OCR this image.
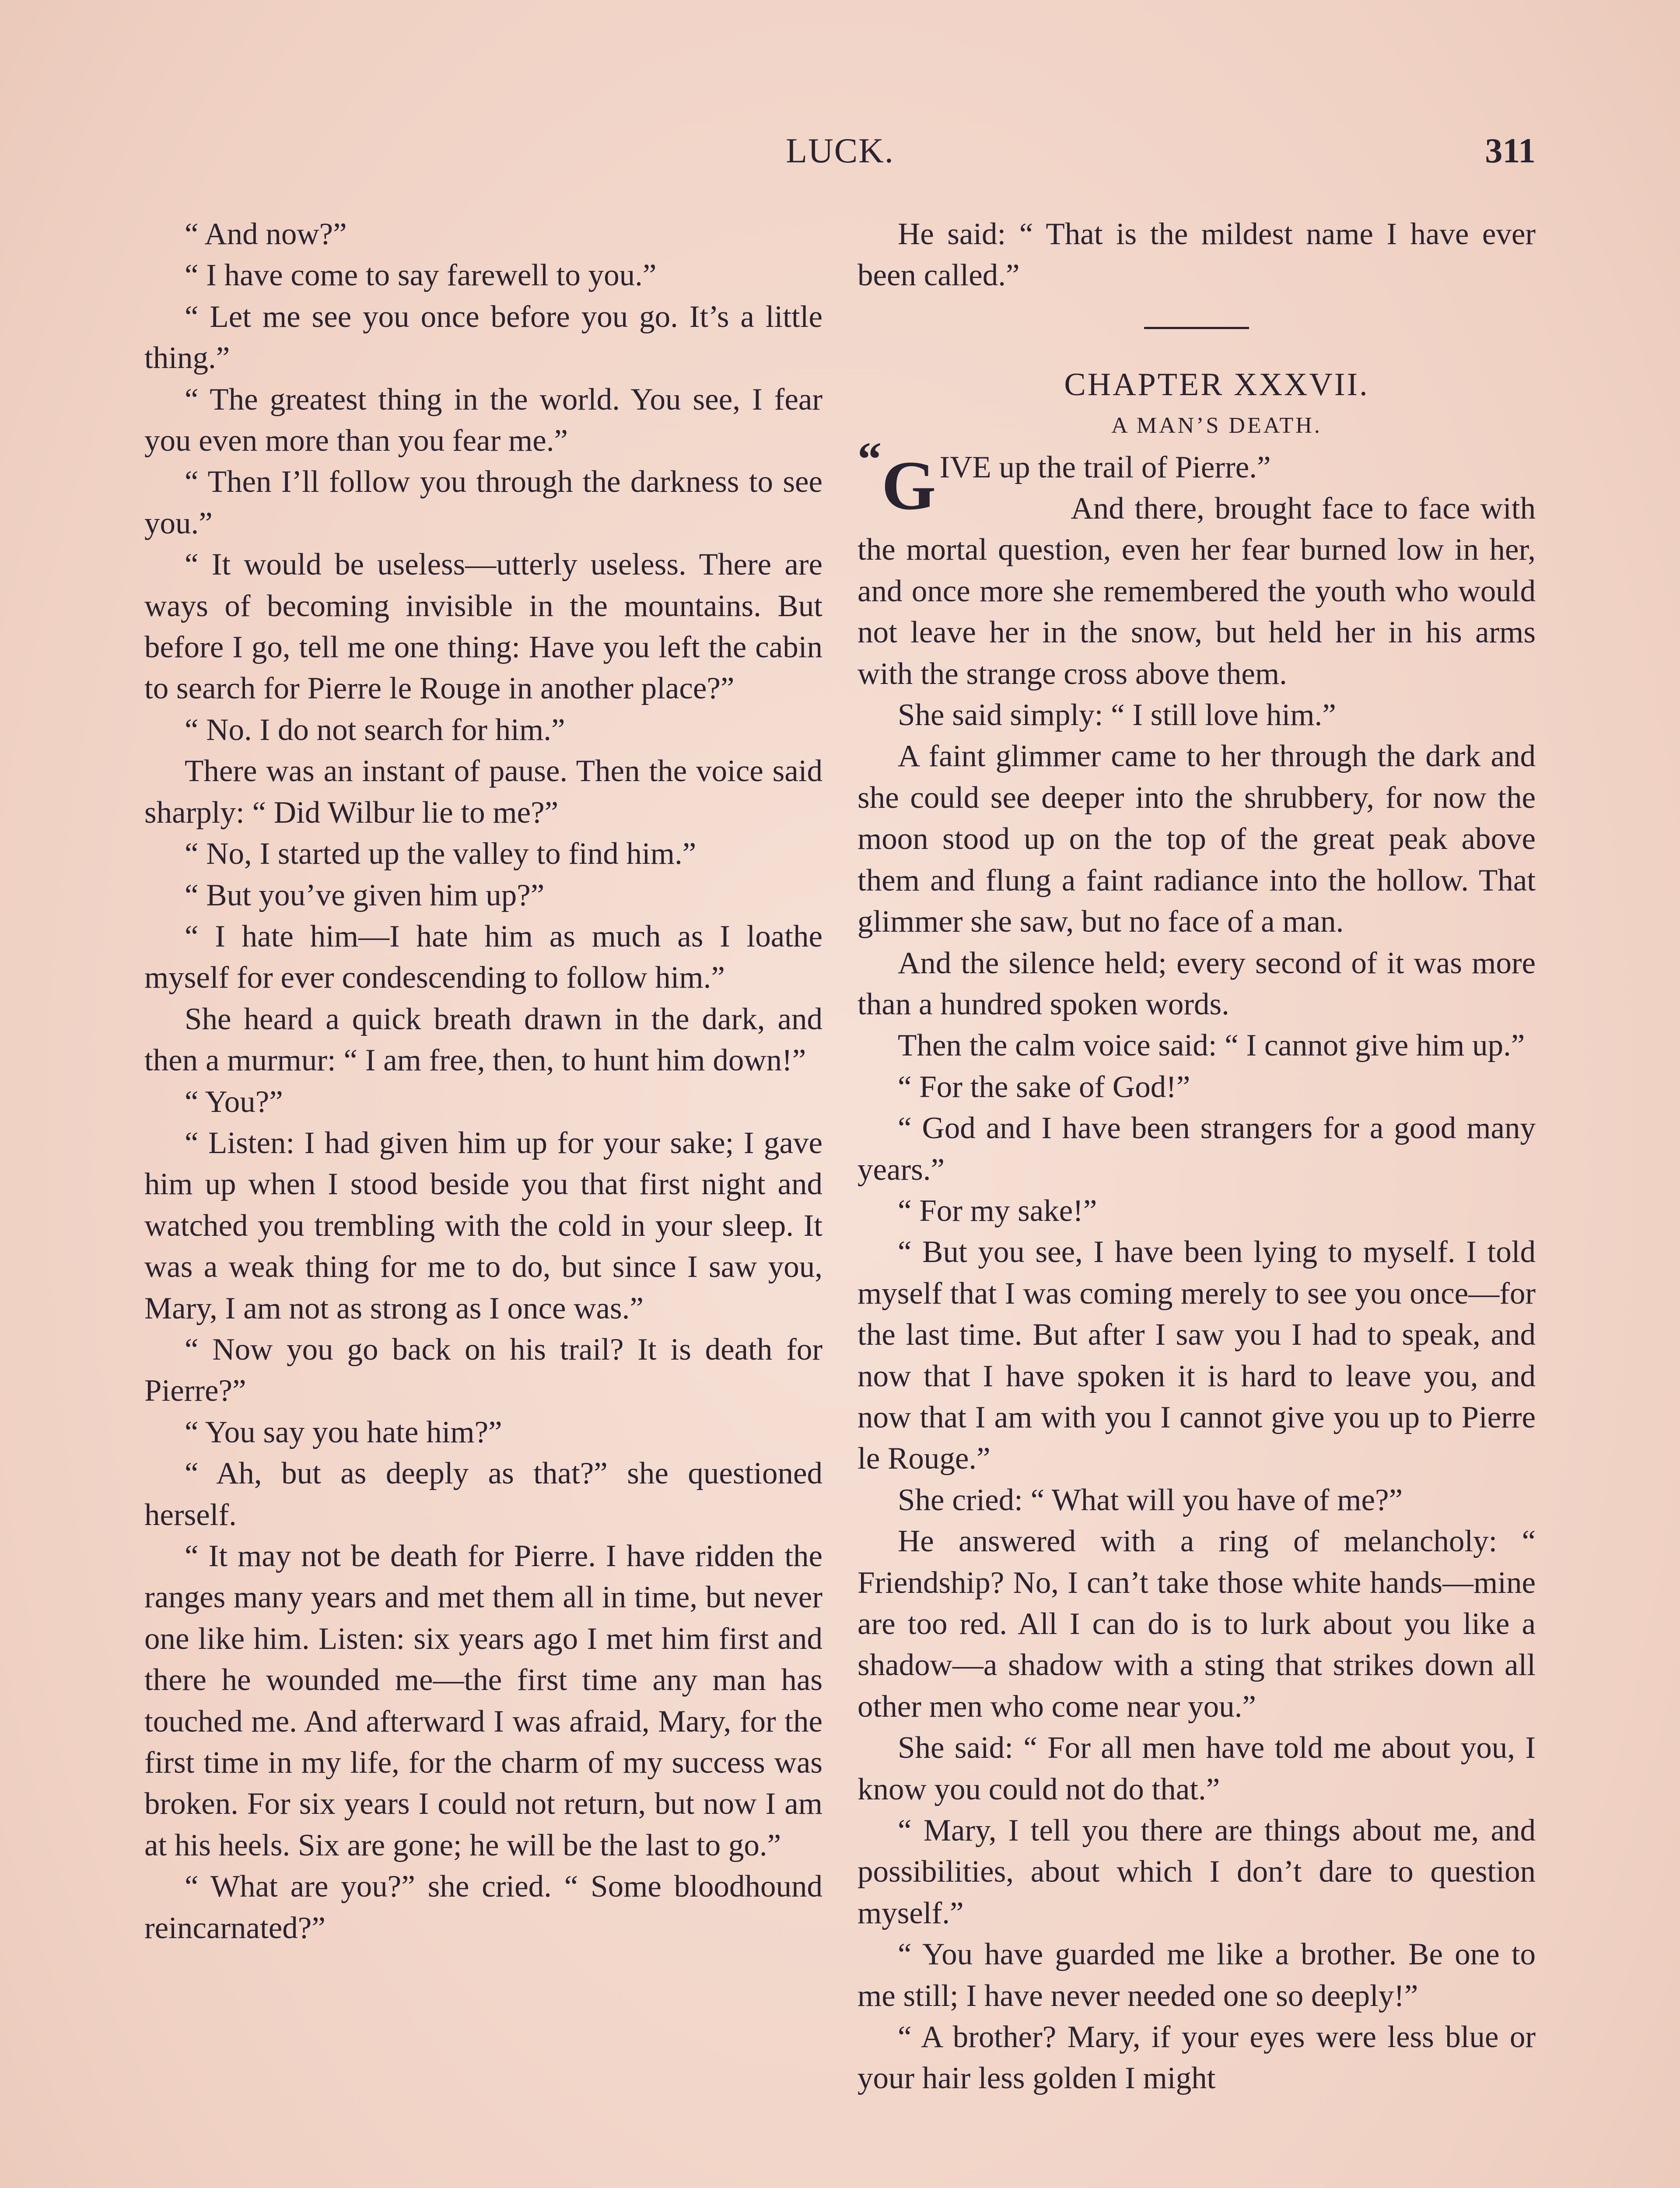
LUCK.	311

“ And now?”

“ I have come to say farewell to you.”

“ Let me see you once before you go. It’s a little thing.”

“ The greatest thing in the world. You see, I fear you even more than you fear me.”

“ Then I’ll follow you through the darkness to see you.”

“ It would be useless—utterly useless. There are ways of becoming invisible in the mountains. But before I go, tell me one thing: Have you left the cabin to search for Pierre le Rouge in another place?”

“ No. I do not search for him.”

There was an instant of pause. Then the voice said sharply: “ Did Wilbur lie to me?”

“ No, I started up the valley to find him.”

“ But you’ve given him up?”

“ I hate him—I hate him as much as I loathe myself for ever condescending to follow him.”

She heard a quick breath drawn in the dark, and then a murmur: “ I am free, then, to hunt him down!”

“ You?”

“ Listen: I had given him up for your sake; I gave him up when I stood beside you that first night and watched you trembling with the cold in your sleep. It was a weak thing for me to do, but since I saw you, Mary, I am not as strong as I once was.”

“ Now you go back on his trail? It is death for Pierre?”

“ You say you hate him?”

“ Ah, but as deeply as that?” she questioned herself.

“ It may not be death for Pierre. I have ridden the ranges many years and met them all in time, but never one like him. Listen: six years ago I met him first and there he wounded me—the first time any man has touched me. And afterward I was afraid, Mary, for the first time in my life, for the charm of my success was broken. For six years I could not return, but now I am at his heels. Six are gone; he will be the last to go.”

“ What are you?” she cried. “ Some bloodhound reincarnated?”

He said: “ That is the mildest name I have ever been called.”

CHAPTER XXXVII.

A MAN’S DEATH.

“G IVE up the trail of Pierre.”

And there, brought face to face with the mortal question, even her fear burned low in her, and once more she remembered the youth who would not leave her in the snow, but held her in his arms with the strange cross above them.

She said simply: “ I still love him.”

A faint glimmer came to her through the dark and she could see deeper into the shrubbery, for now the moon stood up on the top of the great peak above them and flung a faint radiance into the hollow. That glimmer she saw, but no face of a man.

And the silence held; every second of it was more than a hundred spoken words.

Then the calm voice said: “ I cannot give him up.”

“ For the sake of God!”

“ God and I have been strangers for a good many years.”

“ For my sake!”

“ But you see, I have been lying to myself. I told myself that I was coming merely to see you once—for the last time. But after I saw you I had to speak, and now that I have spoken it is hard to leave you, and now that I am with you I cannot give you up to Pierre le Rouge.”

She cried: “ What will you have of me?”

He answered with a ring of melancholy: “ Friendship? No, I can’t take those white hands—mine are too red. All I can do is to lurk about you like a shadow—a shadow with a sting that strikes down all other men who come near you.”

She said: “ For all men have told me about you, I know you could not do that.”

“ Mary, I tell you there are things about me, and possibilities, about which I don’t dare to question myself.”

“ You have guarded me like a brother. Be one to me still; I have never needed one so deeply!”

“ A brother? Mary, if your eyes were less blue or your hair less golden I might
